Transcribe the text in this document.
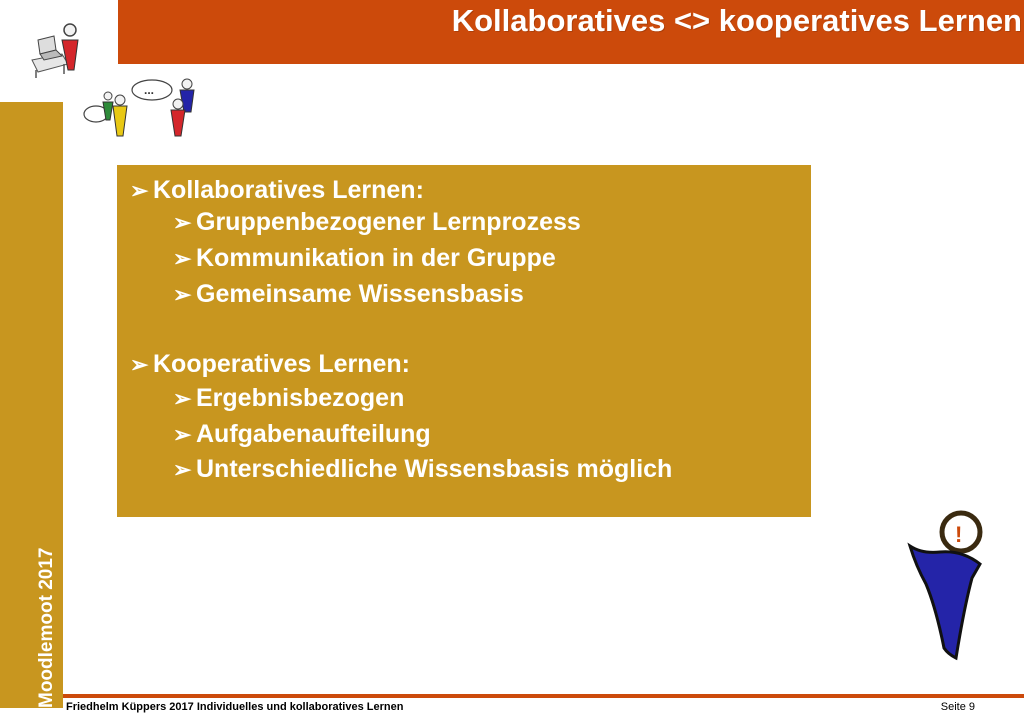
Kollaboratives <> kooperatives Lernen
...
Moodlemoot 2017
➢ Kollaboratives Lernen:
➢ Gruppenbezogener Lernprozess
➢ Kommunikation in der Gruppe
➢ Gemeinsame Wissensbasis
➢ Kooperatives Lernen:
➢ Ergebnisbezogen
➢ Aufgabenaufteilung
➢ Unterschiedliche Wissensbasis möglich
!
Friedhelm Küppers 2017 Individuelles und kollaboratives Lernen	Seite 9
